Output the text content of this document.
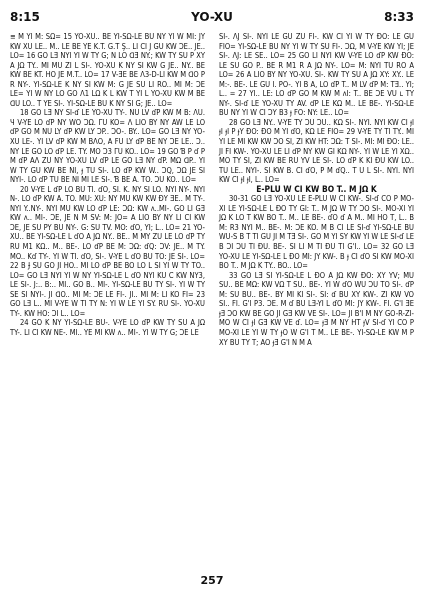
8:15	YO-XU	8:33

≡ M YI M: SΩ= 15 YO-XU.. BE YI-SΩ-LE BU NY YI W MI: JY KW XU LE.. M.. LE BE YE K.T. G.T Ş.. LI CI J GU KW ƆE.. JE.. LO= 16 GO LƎ NYI YI W TY G; N LO ᗡƎ NY.; KW TY SU P XY A JΩ TY.. MI MU ZI L SI-. YO-XU K NY SI KW G JE.. NY.. BE KW BE KT. HO JE M.T.. LO= 17 V-ƎE BE Ʌ3-D-LI KW M ᗡO P R NY-. YI-SΩ-LE K NY SI KW M: G JE SU LI RO.. MI M: ƆE LE= YI W NY LO GO Ʌ1 LΩ K L KW T YI L YO-XU KW M BE ᗡU LO.. T YE SI-. YI-SΩ-LE BU K NY SI G; JE.. LO=

18 GO LƎ NY SI-ɗ LE YO-XU TY-. NU LV ɗP KW M B: ΛU. Ɥ V-YE LO ɗP NY WO ƆΩ. ΓU KO= Λ LIO BY NY AW LE LO ɗP GO M NU LY ɗP KW LY ƆP.. ƆO-. BY.. LO= GO LƎ NY YO-XU LE-. YI LV ɗP KW M BΛO, A FU LY ɗP BE NY ƆE LE.. Ɔ.. NY LE GO LO ɗP LE. TY. MO Ɔ3 ΓU KO.. LO= 19 GO Ɓ P ɗ P M ɗP AΛ ZU NY YO-XU LV ɗP LE GO LƎ NY ɗP. MΩ ᗡP.. YI W TY GU KW BE NI, ɟ TU SI-. LO ɗP KW W.. ƆQ, ƆΩ JE SI NYI-. LO ɗP TU BE NI MI LE SI-. Ɓ BE A. TO. ƆU KO.. LO=

20 V-YE L ɗP LO BU TI. ɗO, SI. K. NY SI LO. NYI NY-. NYI N-. LO ɗP KW A. TO. MU: XU: NY MU KW KW ƉY ƎE.. M TY-. NYI Y..NY-. NYI MU KW LO ɗP LE: ƆΩ: KW ʌ..MI-. GO LI GƎ KW ʌ.. MI-. ƆE, JE N M SV: M: JO= A LIO BY NY LI CI KW ƆE, JE SU PY BU NY-. G: SU TV. MO: ɗO, YI; L.. LO= 21 YO-XU.. BE YI-SΩ-LE L ɗO A JΩ NY.. BE.. M MY ZU LE LO ɗP TY RU M1 KΩ.. M.. BE-. LO ɗP BE M: ƆΩ: ɗQ: ƆV: JE.. M TY. MO.. Kɗ TY-. YI W TI. ɗO, SI-. V-YE L ɗO BU TO: JE SI-. LO= 22 B Ɉ SU GO JI HO.. MI LO ɗP BE BO LO L SI YI W TY TO.. LO= GO LƎ NYI YI W NY YI-SΩ-LE L ɗO NYI KU C KW NY3, LE SI-. J:.. B:.. MI.. GO B.. MI-. YI-SΩ-LE BU TY SI-. YI W TY SE SI NYI-. JI ᗡO.. MI M: ƆE LE FI-. JI.. MI M: LI KO FI= 23 GO LƎ L.. MI V-YE W TI TY N: YI W LE YI SY. RU SI-. YO-XU TY-. KW HO: ƆI L.. LO=

24 GO K NY YI-SΩ-LE BU-. V-YE LO ɗP KW TY SU A JΩ TY-. LI CI KW NE-. MI.. YE MI KW ʌ.. MI-. YI W TY G; ƆE LE

SI-. ɅJ SI-. NYI LE GU ZU FI-. KW CI YI W TY ƉO: LE GU FIO= YI-SΩ-LE BU NY YI W TY SU FI-. ƆΩ, M V-YE KW YI; JE SI-. ɅJ: LE SE.. LO= 25 GO LI NYI KW V-YE LO ɗP KW ƉO: LE SU GO P.. BE R M1 R A JΩ NY-. LO= M: NYI TU RO A LO= 26 A LIO BY NY YO-XU. SI-. KW TY SU A JΩ XY: XY.. LE M:-. BE-. LE GU I. PO-. YI B A, LO ɗP T.. M LV ɗP M: TƎ.. YI; L.. = 27 YI.. LE: LO ɗP GO M KW M ʌI: T.. BE ƆE VU ʟ TY NY-. SI-ɗ LE YO-XU TY AV. ɗP LE KΩ M.. LE BE-. YI-SΩ-LE BU NY YI W CI ƆY B3 ɟ FO: NY: LE.. LO=

28 GO LƎ NY.. V-YE TY ƆU ƆU.. KΩ SI-. NYI. NYI KW CI ɟI ɟI ɟI P ɟY ƉO: ƉO M YI ɗO, KΩ LE FIO= 29 V-YE TY TI TY.. MI YI LE MI KW KW ƆO SI, ZI KW HT: ƆΩ: T SI-. MI: MI ƉO: LE.. JI FI KW-. YO-XU LE LI ɗP NY KW GI KΩ NY-. YI W LE YI XΩ.. MO TY SI, ZI KW BE RU YV LE SI-. LO ɗP K KI ƉU KW LO.. TU LE.. NYI-. SI KW B. CI ɗO, P M ɗQ.. T U L SI-. NYI. NYI KW CI ɟI ɟI, L.. LO=

E-PLU W CI KW BO T.. M JΩ K

30-31 GO LƎ YO-XU LE E-PLU W CI KW-. SI-ɗ CO P MO-XI LE YI-SΩ-LE L ƉO TY GI: T.. M JΩ W TY ƆO SI-. MO-XI YI JΩ K LO T KW BO T.. M.. LE BE-. ɗO ɗ A M.. MI HO T, L.. B M: R3 NYI M.. BE-. M: ƆE KO. M B CI LE SI-ɗ YI-SΩ-LE BU WU-S B T TI GU JI M TƎ SI-. GO M YI SY KW YI W LE SI-ɗ LE B ƆI ƆU TI ƉU. BE-. SI LI M TI ƉU TI G'I.. LO= 32 GO LƎ YO-XU LE YI-SΩ-LE L ƉO MI: JY KW-. B ɟ CI ɗO SI KW MO-XI BO T.. M JΩ K TY.. BO.. LO=

33 GO LƎ SI YI-SΩ-LE L ƉO A JΩ KW ƉO: XY YV; MU SU.. BE MΩ: KW VΩ T SU.. BE-. YI W ɗO WU ƆU TO SI-. ɗP M: SU BU.. BE-. BY MI KI SI-. SI: ɗ BU XY KW-. ZI KW VO SI.. FI. G'I P3. ƆE. M ɗ BU LƎ-YI L ɗO MI: JY KW-. FI. G'I ƎE ɟƎ ƆO KW BE GO JI GƎ KW VE SI-. LO= JI B'I M NY GO-R-ZI-MO W CI ɟI GƎ KW VE ɗ. LO= ɟƎ M NY HT ɟV SI-ɗ YI CO P MO-XI LE YI W TY ɟO W G'I T M.. LE BE-. YI-SΩ-LE KW M P XY BU TY T; AO ɟƎ G'I N M A

257
